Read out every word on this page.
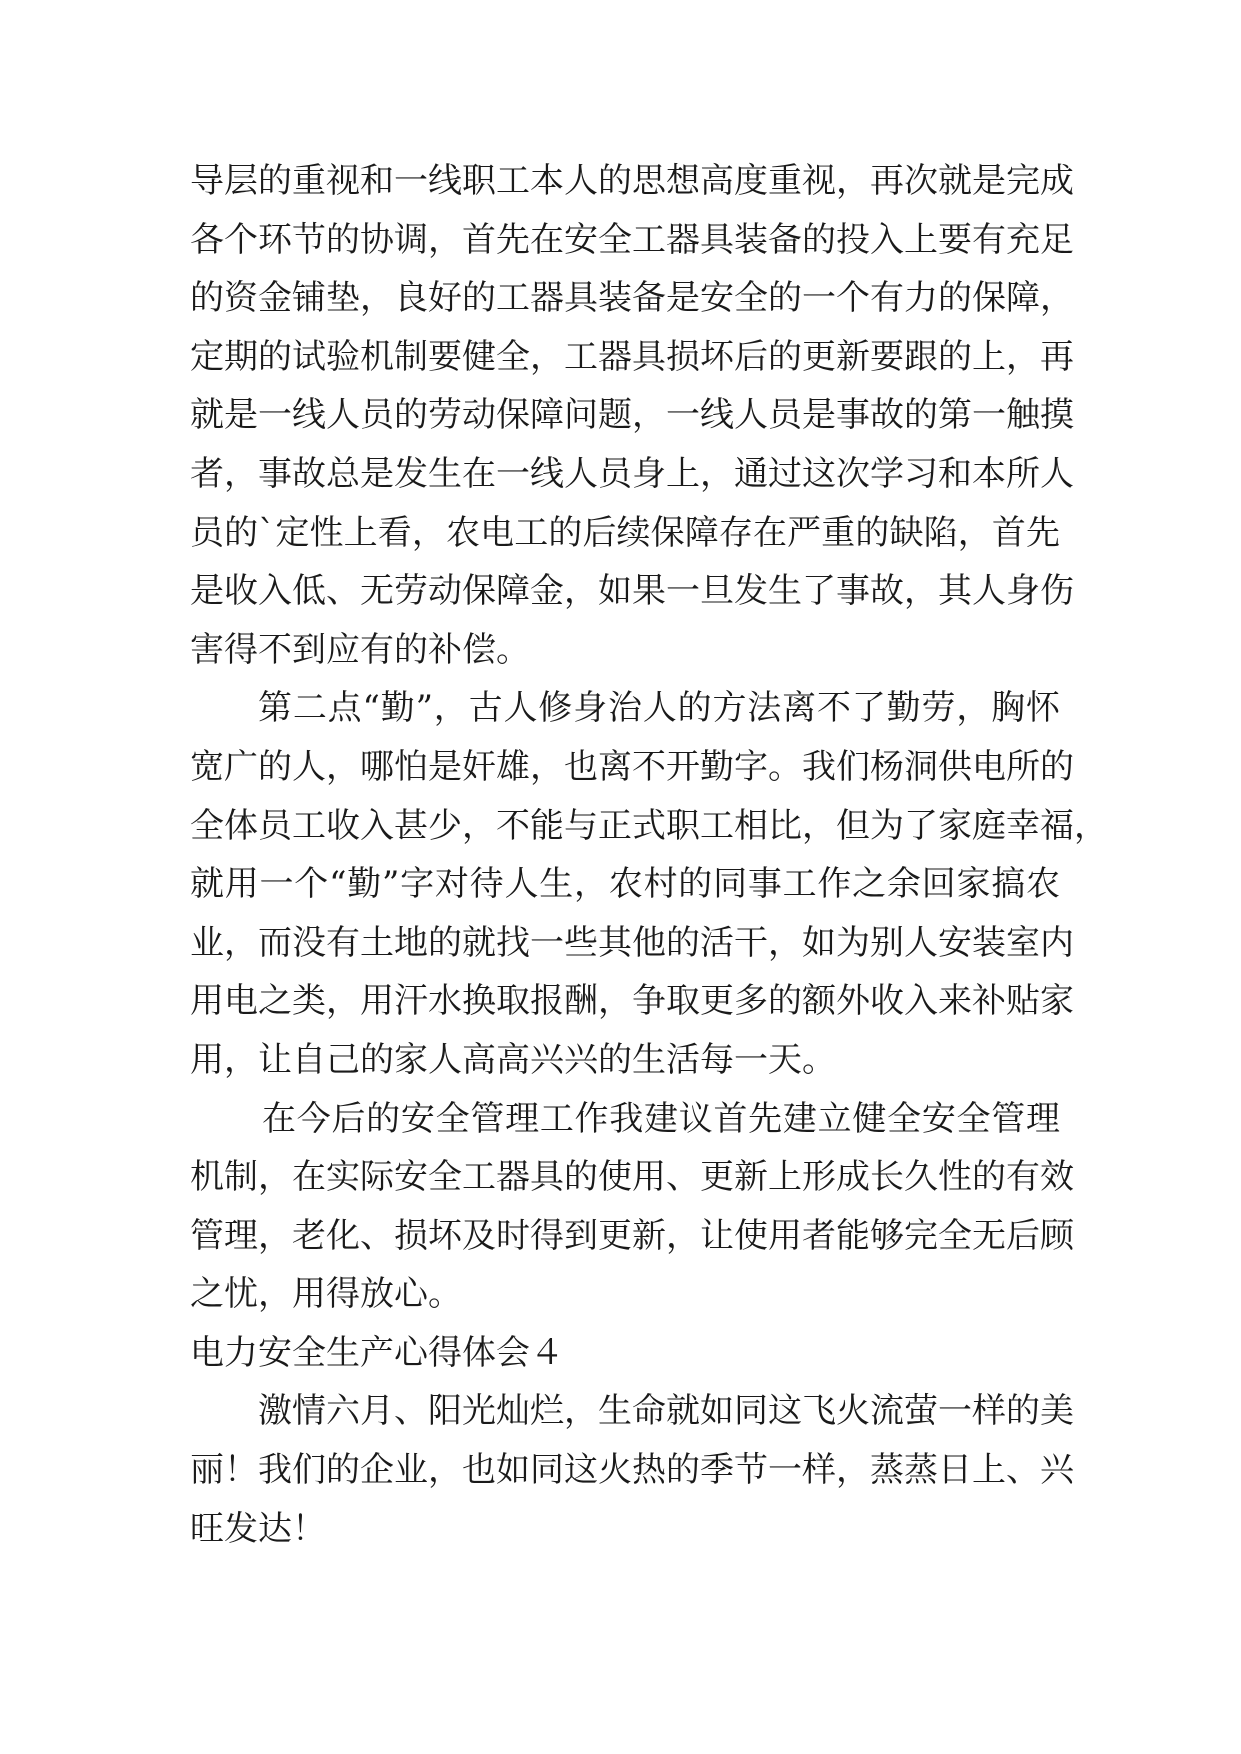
导层的重视和一线职工本人的思想高度重视，再次就是完成
各个环节的协调，首先在安全工器具装备的投入上要有充足
的资金铺垫，良好的工器具装备是安全的一个有力的保障，
定期的试验机制要健全，工器具损坏后的更新要跟的上，再
就是一线人员的劳动保障问题，一线人员是事故的第一触摸
者，事故总是发生在一线人员身上，通过这次学习和本所人
员的`定性上看，农电工的后续保障存在严重的缺陷，首先
是收入低、无劳动保障金，如果一旦发生了事故，其人身伤
害得不到应有的补偿。
第二点“勤”，古人修身治人的方法离不了勤劳，胸怀
宽广的人，哪怕是奸雄，也离不开勤字。我们杨洞供电所的
全体员工收入甚少，不能与正式职工相比，但为了家庭幸福，
就用一个“勤”字对待人生，农村的同事工作之余回家搞农
业，而没有土地的就找一些其他的活干，如为别人安装室内
用电之类，用汗水换取报酬，争取更多的额外收入来补贴家
用，让自己的家人高高兴兴的生活每一天。
在今后的安全管理工作我建议首先建立健全安全管理
机制，在实际安全工器具的使用、更新上形成长久性的有效
管理，老化、损坏及时得到更新，让使用者能够完全无后顾
之忧，用得放心。
电力安全生产心得体会４
激情六月、阳光灿烂，生命就如同这飞火流萤一样的美
丽！我们的企业，也如同这火热的季节一样，蒸蒸日上、兴
旺发达！
